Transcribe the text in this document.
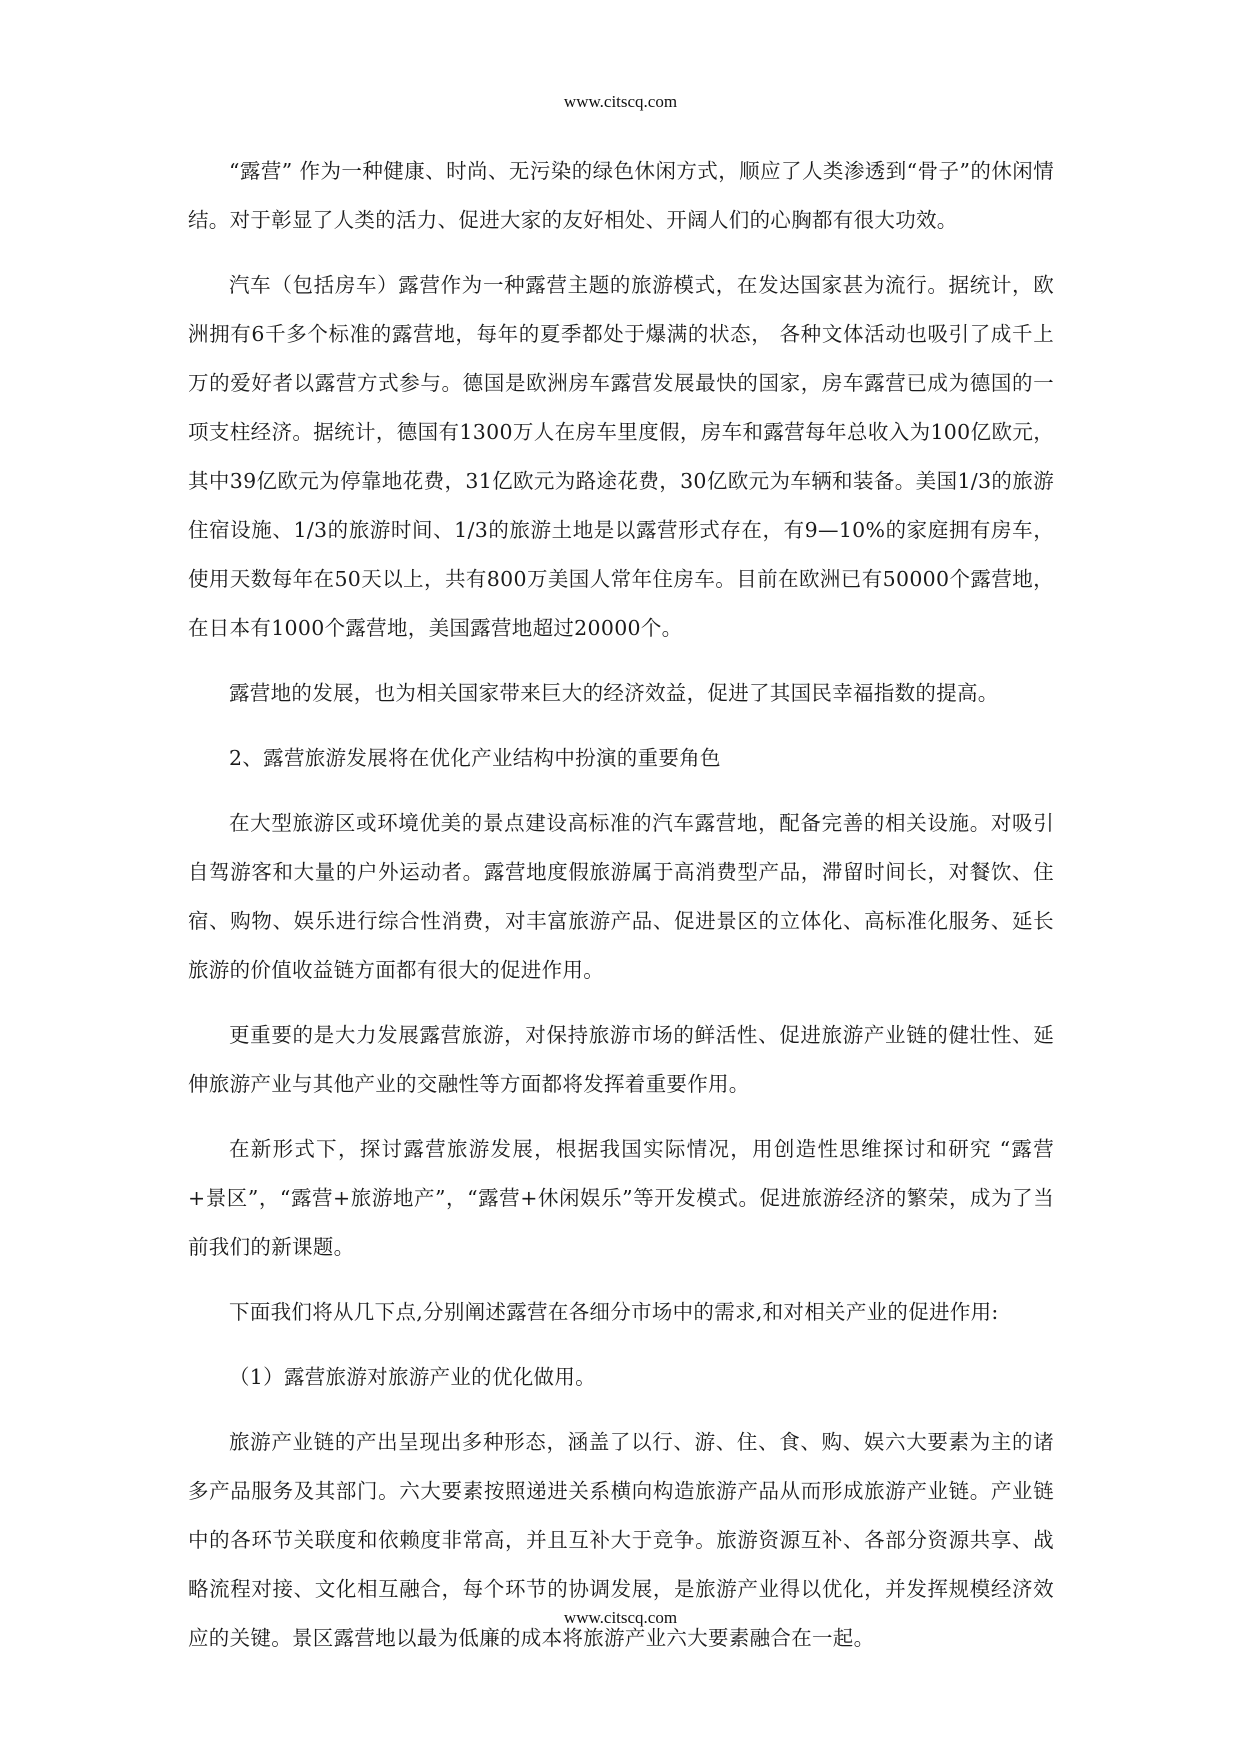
www.citscq.com

“露营” 作为一种健康、时尚、无污染的绿色休闲方式，顺应了人类渗透到“骨子”的休闲情结。对于彰显了人类的活力、促进大家的友好相处、开阔人们的心胸都有很大功效。

汽车（包括房车）露营作为一种露营主题的旅游模式，在发达国家甚为流行。据统计，欧洲拥有6千多个标准的露营地，每年的夏季都处于爆满的状态， 各种文体活动也吸引了成千上万的爱好者以露营方式参与。德国是欧洲房车露营发展最快的国家，房车露营已成为德国的一项支柱经济。据统计，德国有1300万人在房车里度假，房车和露营每年总收入为100亿欧元，其中39亿欧元为停靠地花费，31亿欧元为路途花费，30亿欧元为车辆和装备。美国1/3的旅游住宿设施、1/3的旅游时间、1/3的旅游土地是以露营形式存在，有9—10%的家庭拥有房车，使用天数每年在50天以上，共有800万美国人常年住房车。目前在欧洲已有50000个露营地，在日本有1000个露营地，美国露营地超过20000个。

露营地的发展，也为相关国家带来巨大的经济效益，促进了其国民幸福指数的提高。

2、露营旅游发展将在优化产业结构中扮演的重要角色

在大型旅游区或环境优美的景点建设高标准的汽车露营地，配备完善的相关设施。对吸引自驾游客和大量的户外运动者。露营地度假旅游属于高消费型产品，滞留时间长，对餐饮、住宿、购物、娱乐进行综合性消费，对丰富旅游产品、促进景区的立体化、高标准化服务、延长旅游的价值收益链方面都有很大的促进作用。

更重要的是大力发展露营旅游，对保持旅游市场的鲜活性、促进旅游产业链的健壮性、延伸旅游产业与其他产业的交融性等方面都将发挥着重要作用。

在新形式下，探讨露营旅游发展，根据我国实际情况，用创造性思维探讨和研究 “露营+景区”，“露营+旅游地产”，“露营+休闲娱乐”等开发模式。促进旅游经济的繁荣，成为了当前我们的新课题。

下面我们将从几下点,分别阐述露营在各细分市场中的需求,和对相关产业的促进作用:

（1）露营旅游对旅游产业的优化做用。

旅游产业链的产出呈现出多种形态，涵盖了以行、游、住、食、购、娱六大要素为主的诸多产品服务及其部门。六大要素按照递进关系横向构造旅游产品从而形成旅游产业链。产业链中的各环节关联度和依赖度非常高，并且互补大于竞争。旅游资源互补、各部分资源共享、战略流程对接、文化相互融合，每个环节的协调发展，是旅游产业得以优化，并发挥规模经济效应的关键。景区露营地以最为低廉的成本将旅游产业六大要素融合在一起。

www.citscq.com
